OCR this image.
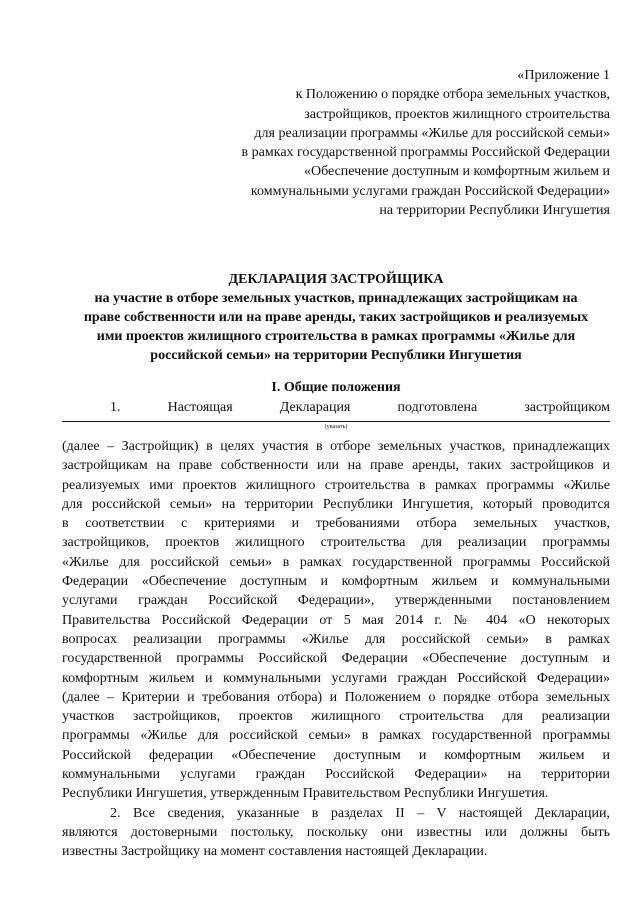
«Приложение 1
к Положению о порядке отбора земельных участков,
застройщиков, проектов жилищного строительства
для реализации программы «Жилье для российской семьи»
в рамках государственной программы Российской Федерации
«Обеспечение доступным и комфортным жильем и
коммунальными услугами граждан Российской Федерации»
на территории Республики Ингушетия
ДЕКЛАРАЦИЯ ЗАСТРОЙЩИКА
на участие в отборе земельных участков, принадлежащих застройщикам на
праве собственности или на праве аренды, таких застройщиков и реализуемых
ими проектов жилищного строительства в рамках программы «Жилье для
российской семьи» на территории Республики Ингушетия
I. Общие положения
1.	Настоящая	Декларация	подготовлена	застройщиком
(указать)
(далее – Застройщик) в целях участия в отборе земельных участков, принадлежащих
застройщикам на праве собственности или на праве аренды, таких застройщиков и
реализуемых ими проектов жилищного строительства в рамках программы «Жилье
для российской семьи» на территории Республики Ингушетия, который проводится
в соответствии с критериями и требованиями отбора земельных участков,
застройщиков, проектов жилищного строительства для реализации программы
«Жилье для российской семьи» в рамках государственной программы Российской
Федерации «Обеспечение доступным и комфортным жильем и коммунальными
услугами граждан Российской Федерации», утвержденными постановлением
Правительства Российской Федерации от 5 мая 2014 г. № 404 «О некоторых
вопросах реализации программы «Жилье для российской семьи» в рамках
государственной программы Российской Федерации «Обеспечение доступным и
комфортным жильем и коммунальными услугами граждан Российской Федерации»
(далее – Критерии и требования отбора) и Положением о порядке отбора земельных
участков застройщиков, проектов жилищного строительства для реализации
программы «Жилье для российской семьи» в рамках государственной программы
Российской федерации «Обеспечение доступным и комфортным жильем и
коммунальными услугами граждан Российской Федерации» на территории
Республики Ингушетия, утвержденным Правительством Республики Ингушетия.
2. Все сведения, указанные в разделах II – V настоящей Декларации,
являются достоверными постольку, поскольку они известны или должны быть
известны Застройщику на момент составления настоящей Декларации.
